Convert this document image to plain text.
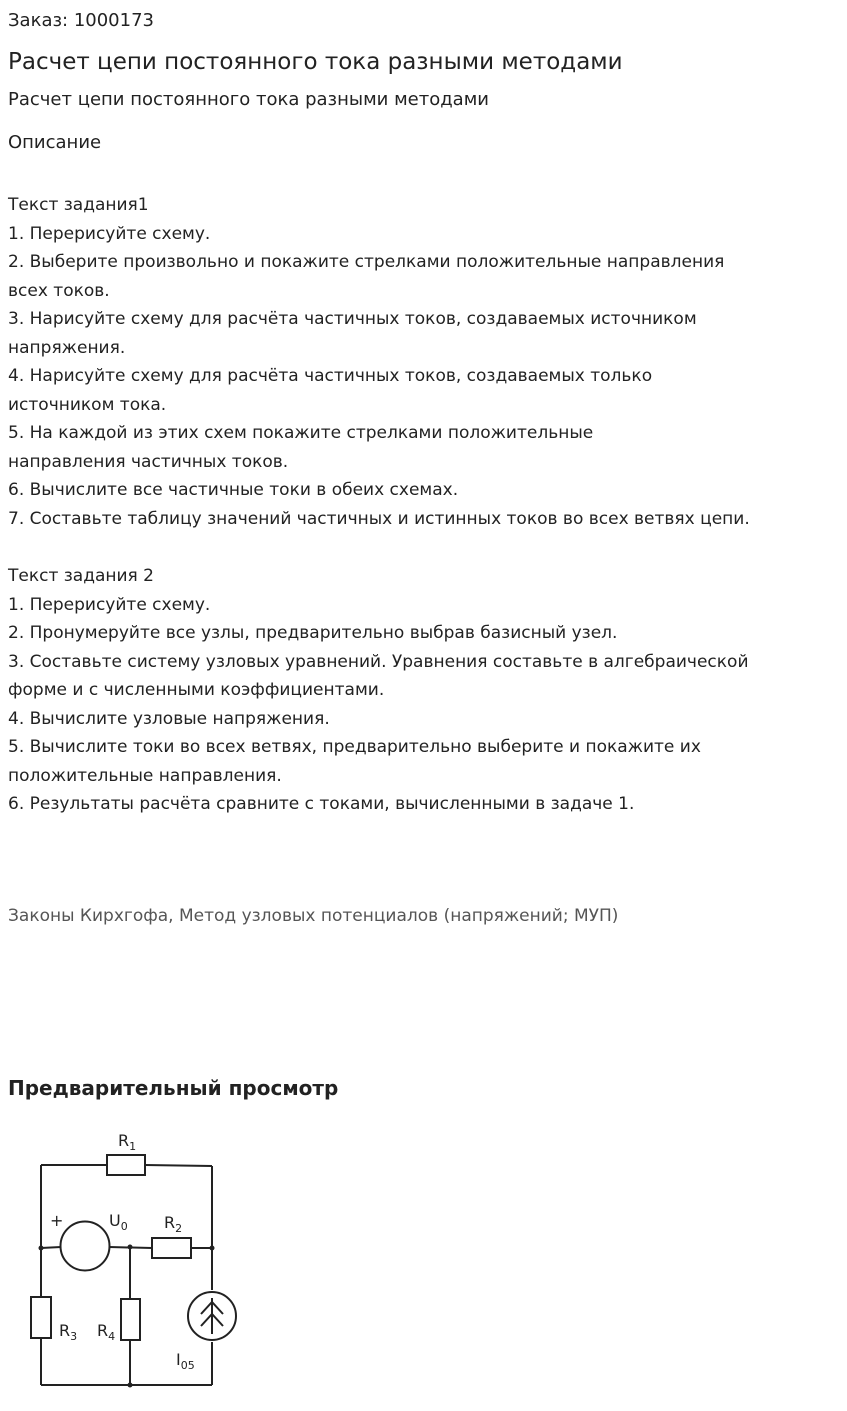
Заказ: 1000173
Расчет цепи постоянного тока разными методами
Расчет цепи постоянного тока разными методами
Описание
Текст задания1
1. Перерисуйте схему.
2. Выберите произвольно и покажите стрелками положительные направления
всех токов.
3. Нарисуйте схему для расчёта частичных токов, создаваемых источником
напряжения.
4. Нарисуйте схему для расчёта частичных токов, создаваемых только
источником тока.
5. На каждой из этих схем покажите стрелками положительные
направления частичных токов.
6. Вычислите все частичные токи в обеих схемах.
7. Составьте таблицу значений частичных и истинных токов во всех ветвях цепи.
Текст задания 2
1. Перерисуйте схему.
2. Пронумеруйте все узлы, предварительно выбрав базисный узел.
3. Составьте систему узловых уравнений. Уравнения составьте в алгебраической
форме и с численными коэффициентами.
4. Вычислите узловые напряжения.
5. Вычислите токи во всех ветвях, предварительно выберите и покажите их
положительные направления.
6. Результаты расчёта сравните с токами, вычисленными в задаче 1.
Законы Кирхгофа, Метод узловых потенциалов (напряжений; МУП)
Предварительный просмотр
$R_1$
$R_2$
$R_3$ $R_4$
$U_0$
$I_{05}$
+
